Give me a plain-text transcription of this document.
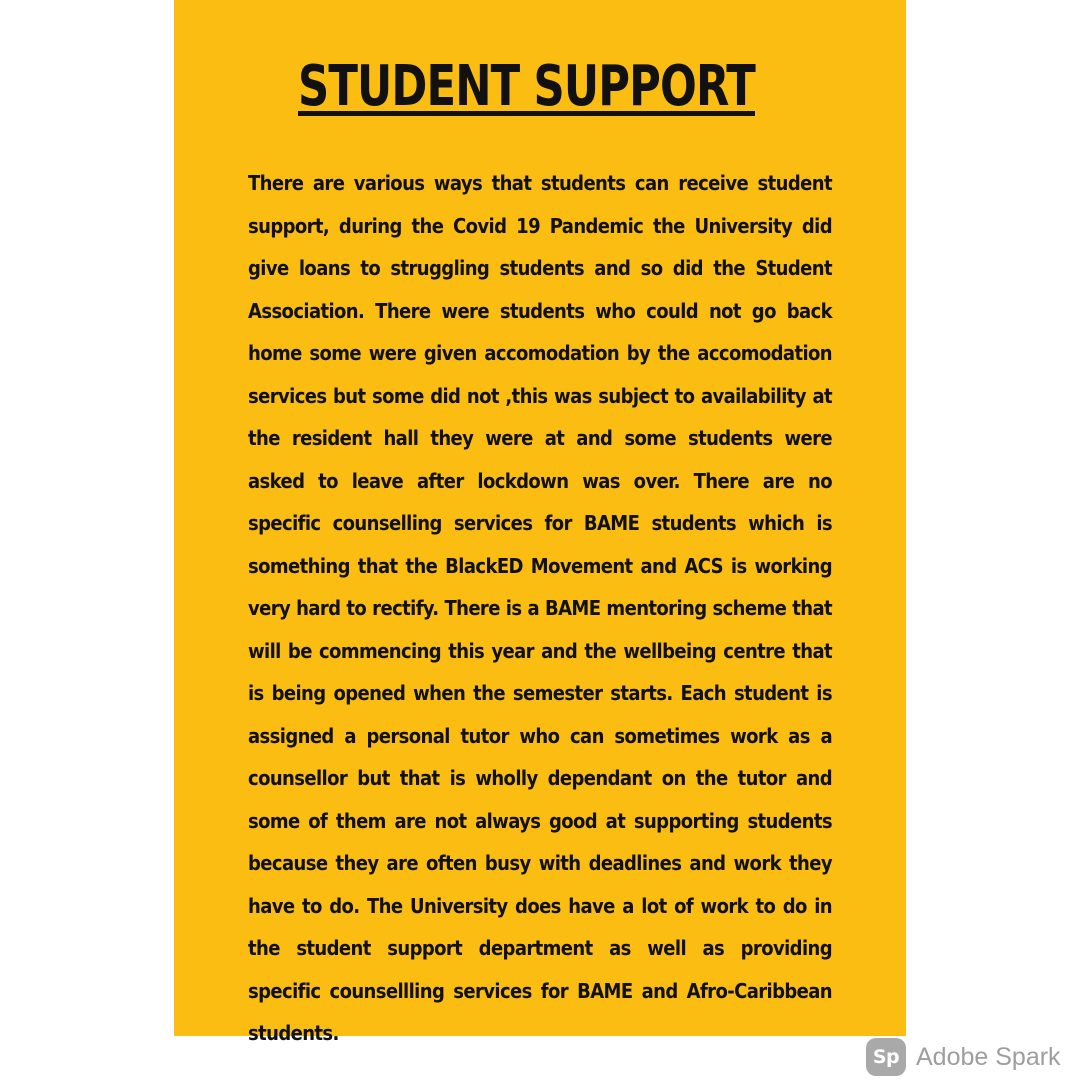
STUDENT SUPPORT

There are various ways that students can receive student support, during the Covid 19 Pandemic the University did give loans to struggling students and so did the Student Association. There were students who could not go back home some were given accomodation by the accomodation services but some did not ,this was subject to availability at the resident hall they were at and some students were asked to leave after lockdown was over. There are no specific counselling services for BAME students which is something that the BlackED Movement and ACS is working very hard to rectify. There is a BAME mentoring scheme that will be commencing this year and the wellbeing centre that is being opened when the semester starts. Each student is assigned a personal tutor who can sometimes work as a counsellor but that is wholly dependant on the tutor and some of them are not always good at supporting students because they are often busy with deadlines and work they have to do. The University does have a lot of work to do in the student support department as well as providing specific counsellling services for BAME and Afro-Caribbean students.

Sp Adobe Spark
